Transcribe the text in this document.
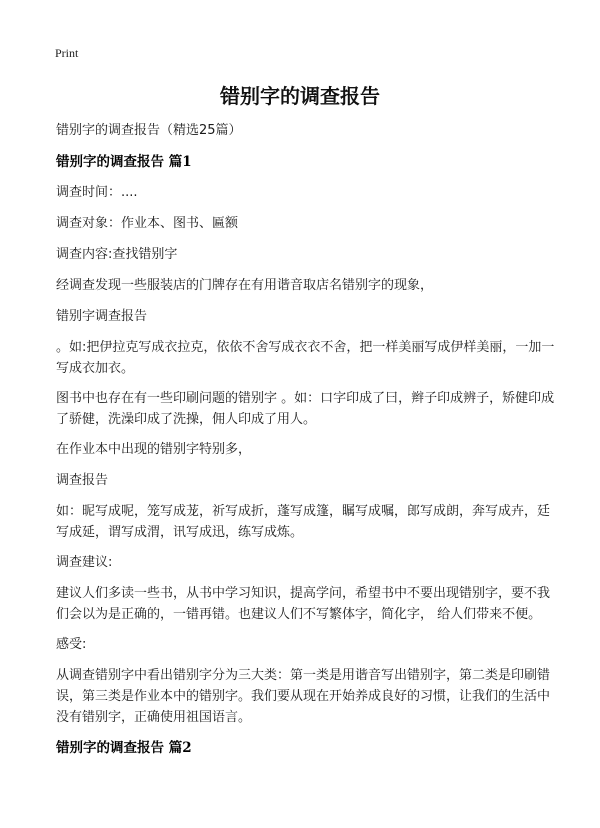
Print
错别字的调查报告
错别字的调查报告（精选25篇）
错别字的调查报告 篇1
调查时间：....
调查对象：作业本、图书、匾额
调查内容:查找错别字
经调查发现一些服装店的门牌存在有用谐音取店名错别字的现象，
错别字调查报告
。如:把伊拉克写成衣拉克，依依不舍写成衣衣不舍，把一样美丽写成伊样美丽，一加一写成衣加衣。
图书中也存在有一些印刷问题的错别字 。如：口字印成了曰，辫子印成辨子，矫健印成了骄健，洗澡印成了洗操，佣人印成了用人。
在作业本中出现的错别字特别多，
调查报告
如：昵写成呢，笼写成茏，祈写成折，蓬写成篷，瞩写成嘱，郎写成朗，奔写成卉，廷写成延，谓写成渭，讯写成迅，练写成炼。
调查建议:
建议人们多读一些书，从书中学习知识，提高学问，希望书中不要出现错别字，要不我们会以为是正确的，一错再错。也建议人们不写繁体字，简化字， 给人们带来不便。
感受:
从调查错别字中看出错别字分为三大类：第一类是用谐音写出错别字，第二类是印刷错误，第三类是作业本中的错别字。我们要从现在开始养成良好的习惯，让我们的生活中没有错别字，正确使用祖国语言。
错别字的调查报告 篇2
